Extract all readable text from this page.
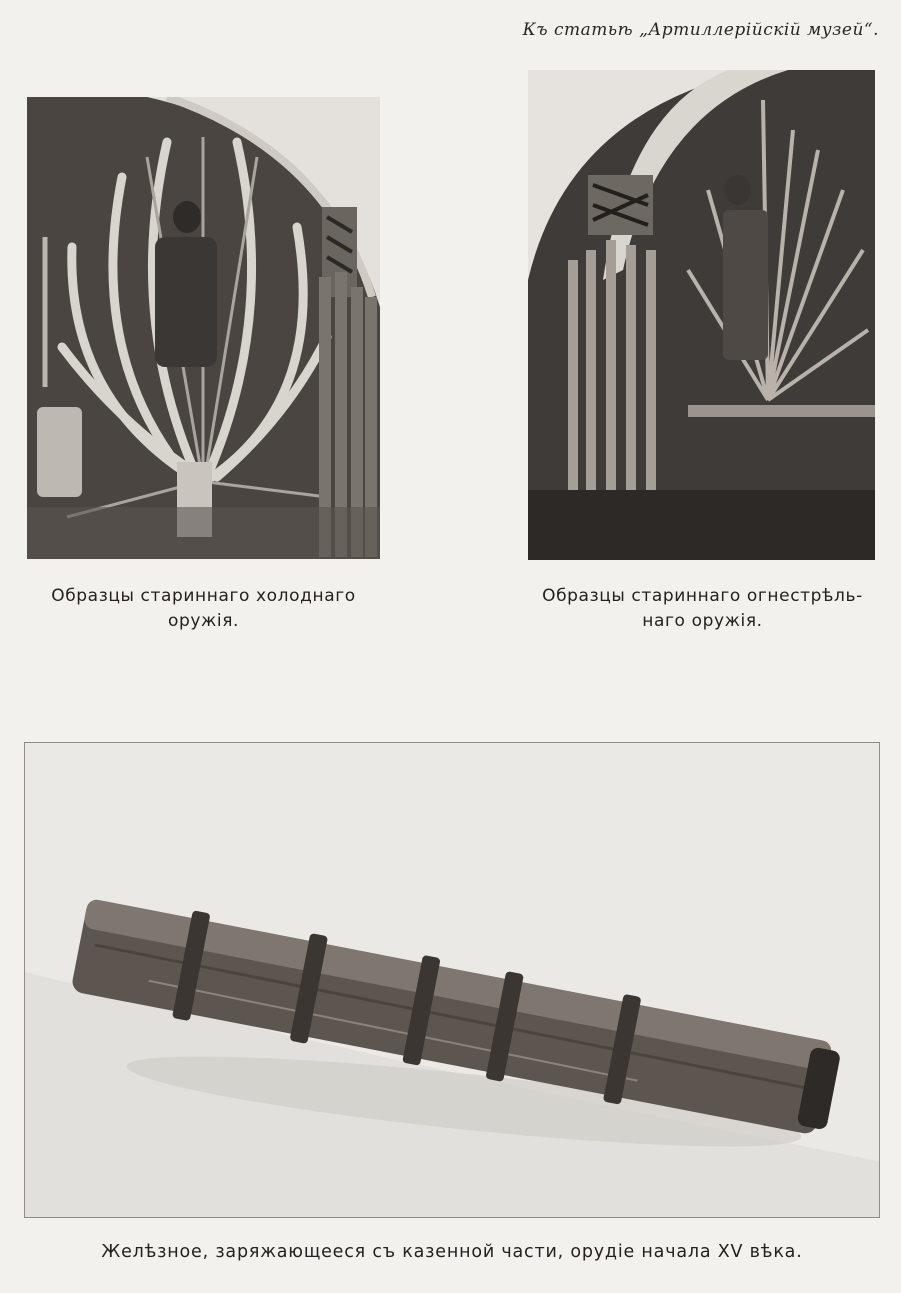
Къ статьѣ „Артиллерійскій музей“.
Образцы стариннаго холоднаго
оружія.
Образцы стариннаго огнестрѣль-
наго оружія.
Желѣзное, заряжающееся съ казенной части, орудіе начала XV вѣка.
